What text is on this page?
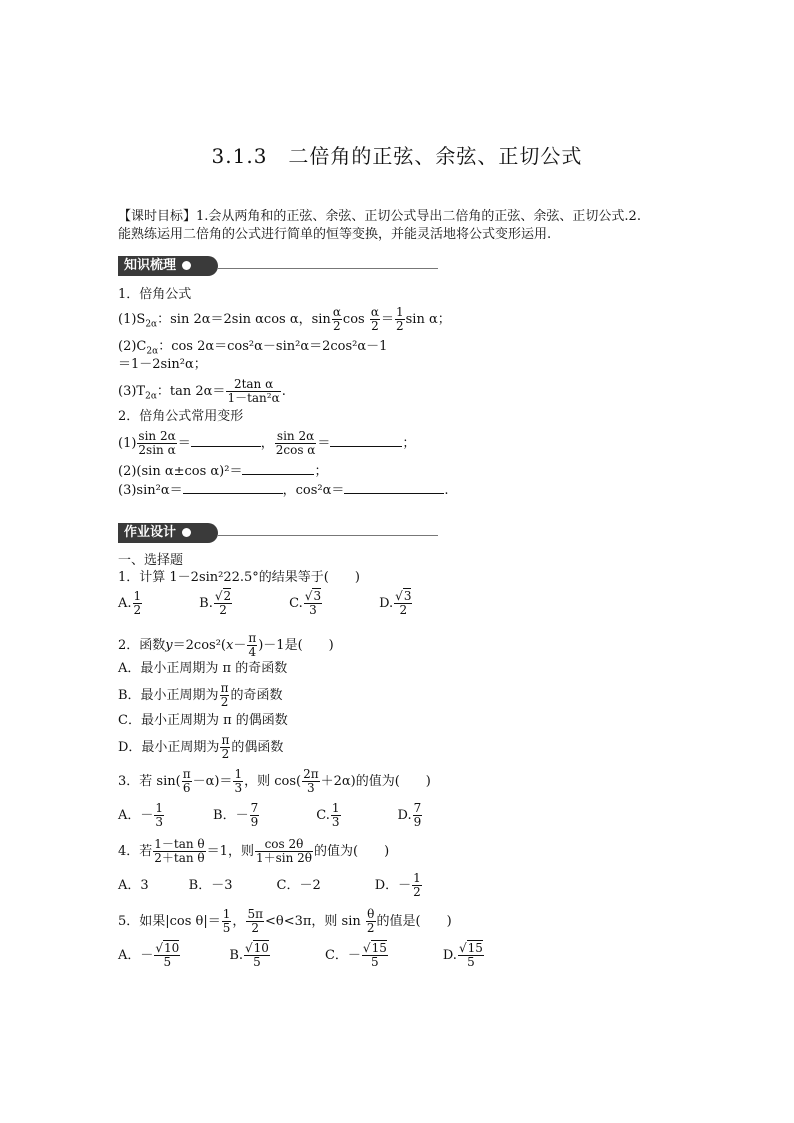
3.1.3　二倍角的正弦、余弦、正切公式
【课时目标】1.会从两角和的正弦、余弦、正切公式导出二倍角的正弦、余弦、正切公式.2.
能熟练运用二倍角的公式进行简单的恒等变换，并能灵活地将公式变形运用.
知识梳理
1．倍角公式
$(1)S_{2\alpha}$：sin 2α＝2sin αcos α，$\sin \frac{\alpha}{2}$ $\cos \frac{\alpha}{2} = \frac{1}{2}$ sin α；
$(2)C_{2\alpha}$：cos 2α＝cos²α－sin²α＝2cos²α－1
＝1－2sin²α；
$(3)T_{2\alpha}$：$\tan 2\alpha= \frac{\text{2tan α}}{\text{1－tan²α}}$ .
2．倍角公式常用变形
$(1) \frac{\sin 2\alpha}{\text{2sin α}}$ ＝	， $\frac{\sin 2\alpha}{\text{2cos α}}$ ＝	；
(2)(sin α±cos α)²＝	；
(3)sin²α＝	，cos²α＝	.
作业设计
一、选择题
1．计算 1－2sin²22.5°的结果等于(　　)
A. $\frac{1}{2}$	B. $\frac{√2}{2}$	C. $\frac{√3}{3}$	D. $\frac{√3}{2}$
2．函数$y=2\cos^2(x- \frac{\pi}{4} )-1$是(　　)
A．最小正周期为 π 的奇函数
B．最小正周期为 $\frac{\pi}{2}$ 的奇函数
C．最小正周期为 π 的偶函数
D．最小正周期为 $\frac{\pi}{2}$ 的偶函数
3．若 $\sin( \frac{\pi}{6} -\alpha)= \frac{1}{3}$ ，则 $\cos( \frac{2\pi}{3} +2\alpha)$的值为(　　)
A．－ $\frac{1}{3}$	B．－ $\frac{7}{9}$	C. $\frac{1}{3}$	D. $\frac{7}{9}$
4．若 $\frac{\text{1－tan θ}}{\text{2＋tan θ}} =1$，则 $\frac{\cos 2\theta}{1+\sin 2\theta}$ 的值为(　　)
A．3	B．－3	C．－2	D．－ $\frac{1}{2}$
5．如果|cos $\theta|= \frac{1}{5}$ ， $\frac{5\pi}{2} <\theta<3\pi$，则 $\sin \frac{\theta}{2}$ 的值是(　　)
A．－ $\frac{√10}{5}$	B. $\frac{√10}{5}$	C．－ $\frac{√15}{5}$	D. $\frac{√15}{5}$
